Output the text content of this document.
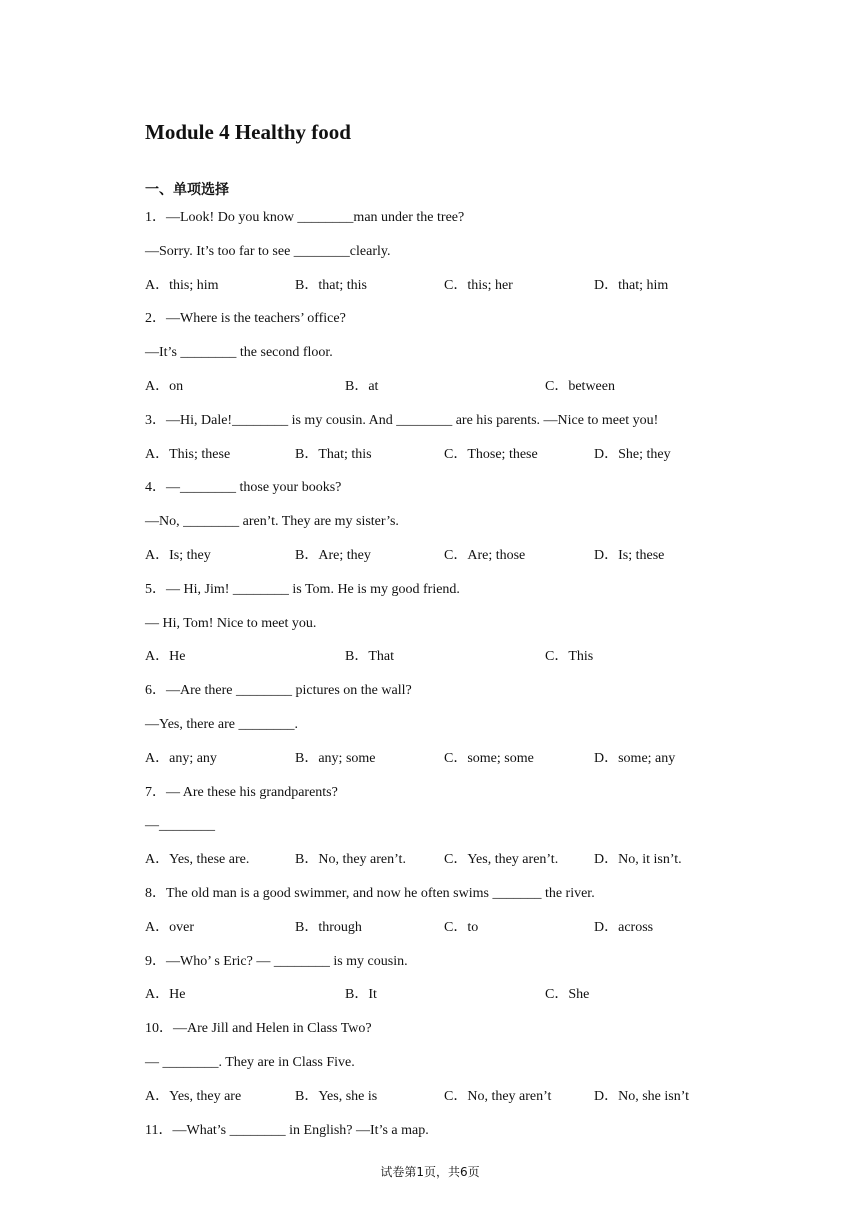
Module 4 Healthy food
一、单项选择
1．—Look! Do you know ________man under the tree?
—Sorry. It’s too far to see ________clearly.
A．this; him	B．that; this	C．this; her	D．that; him
2．—Where is the teachers’ office?
—It’s ________ the second floor.
A．on	B．at	C．between
3．—Hi, Dale!________ is my cousin. And ________ are his parents. —Nice to meet you!
A．This; these	B．That; this	C．Those; these	D．She; they
4．—________ those your books?
—No, ________ aren’t. They are my sister’s.
A．Is; they	B．Are; they	C．Are; those	D．Is; these
5．— Hi, Jim! ________ is Tom. He is my good friend.
— Hi, Tom! Nice to meet you.
A．He	B．That	C．This
6．—Are there ________ pictures on the wall?
—Yes, there are ________.
A．any; any	B．any; some	C．some; some	D．some; any
7．— Are these his grandparents?
—________
A．Yes, these are.	B．No, they aren’t.	C．Yes, they aren’t.	D．No, it isn’t.
8．The old man is a good swimmer, and now he often swims _______ the river.
A．over	B．through	C．to	D．across
9．—Who’ s Eric? — ________ is my cousin.
A．He	B．It	C．She
10．—Are Jill and Helen in Class Two?
— ________. They are in Class Five.
A．Yes, they are	B．Yes, she is	C．No, they aren’t	D．No, she isn’t
11．—What’s ________ in English? —It’s a map.
试卷第1页，共6页
